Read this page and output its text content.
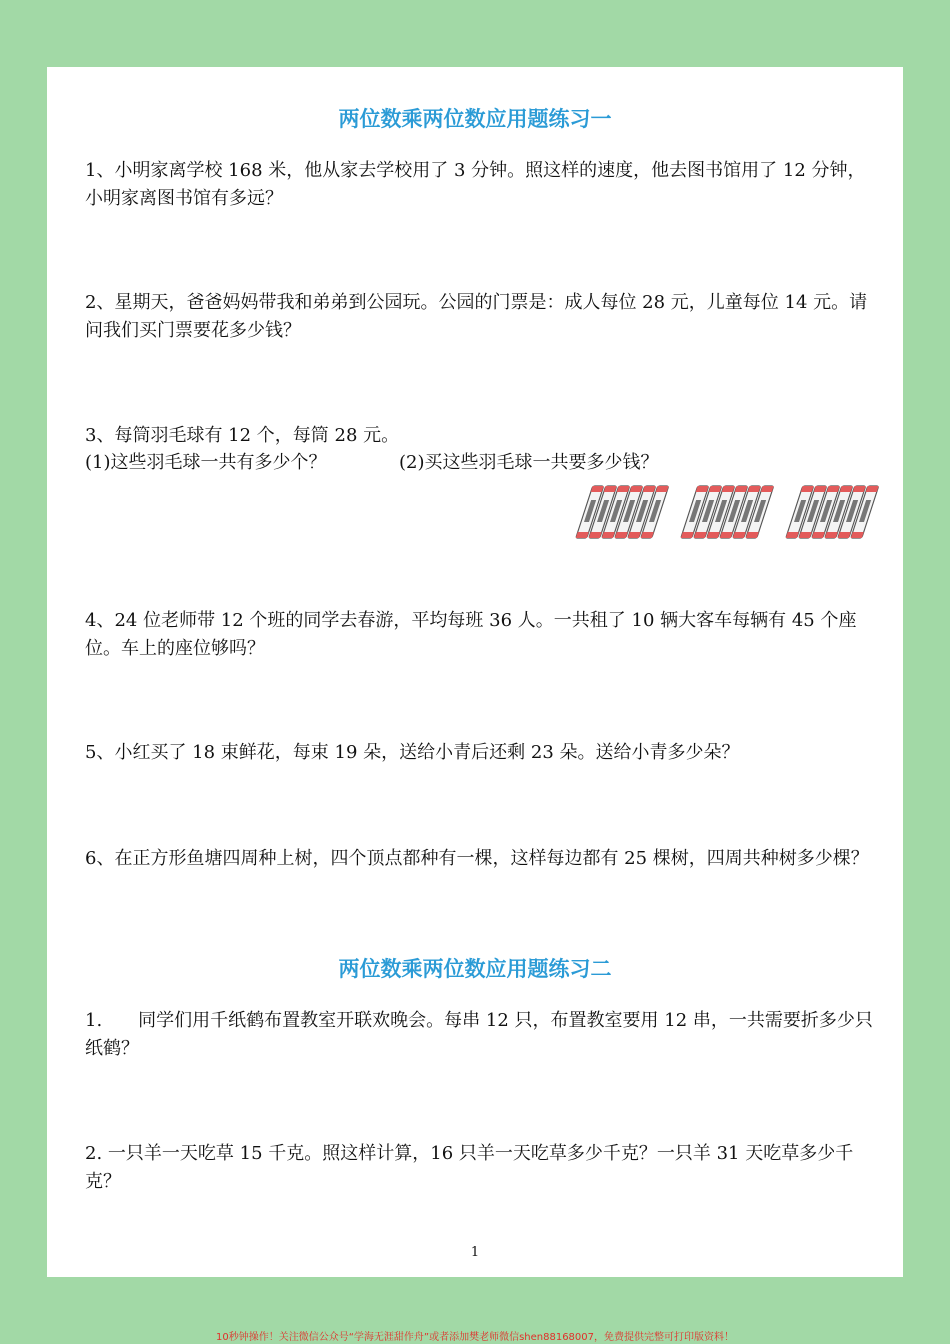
两位数乘两位数应用题练习一
1、小明家离学校 168 米，他从家去学校用了 3 分钟。照这样的速度，他去图书馆用了 12 分钟，小明家离图书馆有多远？
2、星期天，爸爸妈妈带我和弟弟到公园玩。公园的门票是：成人每位 28 元，儿童每位 14 元。请问我们买门票要花多少钱？
3、每筒羽毛球有 12 个，每筒 28 元。
(1)这些羽毛球一共有多少个？	(2)买这些羽毛球一共要多少钱？
4、24 位老师带 12 个班的同学去春游，平均每班 36 人。一共租了 10 辆大客车每辆有 45 个座位。车上的座位够吗？
5、小红买了 18 束鲜花，每束 19 朵，送给小青后还剩 23 朵。送给小青多少朵？
6、在正方形鱼塘四周种上树，四个顶点都种有一棵，这样每边都有 25 棵树，四周共种树多少棵？
两位数乘两位数应用题练习二
1.　　同学们用千纸鹤布置教室开联欢晚会。每串 12 只，布置教室要用 12 串，一共需要折多少只纸鹤？
2. 一只羊一天吃草 15 千克。照这样计算，16 只羊一天吃草多少千克？一只羊 31 天吃草多少千克？
1
10秒钟操作！关注微信公众号“学海无涯甜作舟”或者添加樊老师微信shen88168007，免费提供完整可打印版资料！
